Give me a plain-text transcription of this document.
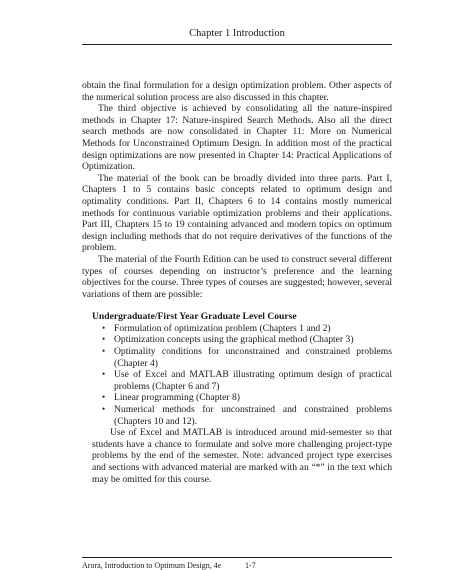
Chapter 1 Introduction

obtain the final formulation for a design optimization problem. Other aspects of the numerical solution process are also discussed in this chapter.

The third objective is achieved by consolidating all the nature-inspired methods in Chapter 17: Nature-inspired Search Methods. Also all the direct search methods are now consolidated in Chapter 11: More on Numerical Methods for Unconstrained Optimum Design. In addition most of the practical design optimizations are now presented in Chapter 14: Practical Applications of Optimization.

The material of the book can be broadly divided into three parts. Part I, Chapters 1 to 5 contains basic concepts related to optimum design and optimality conditions. Part II, Chapters 6 to 14 contains mostly numerical methods for continuous variable optimization problems and their applications. Part III, Chapters 15 to 19 containing advanced and modern topics on optimum design including methods that do not require derivatives of the functions of the problem.

The material of the Fourth Edition can be used to construct several different types of courses depending on instructor’s preference and the learning objectives for the course. Three types of courses are suggested; however, several variations of them are possible:

Undergraduate/First Year Graduate Level Course
• Formulation of optimization problem (Chapters 1 and 2)
• Optimization concepts using the graphical method (Chapter 3)
• Optimality conditions for unconstrained and constrained problems (Chapter 4)
• Use of Excel and MATLAB illustrating optimum design of practical problems (Chapter 6 and 7)
• Linear programming (Chapter 8)
• Numerical methods for unconstrained and constrained problems (Chapters 10 and 12).

Use of Excel and MATLAB is introduced around mid-semester so that students have a chance to formulate and solve more challenging project-type problems by the end of the semester. Note: advanced project type exercises and sections with advanced material are marked with an “*” in the text which may be omitted for this course.

Arora, Introduction to Optimum Design, 4e	1-7
